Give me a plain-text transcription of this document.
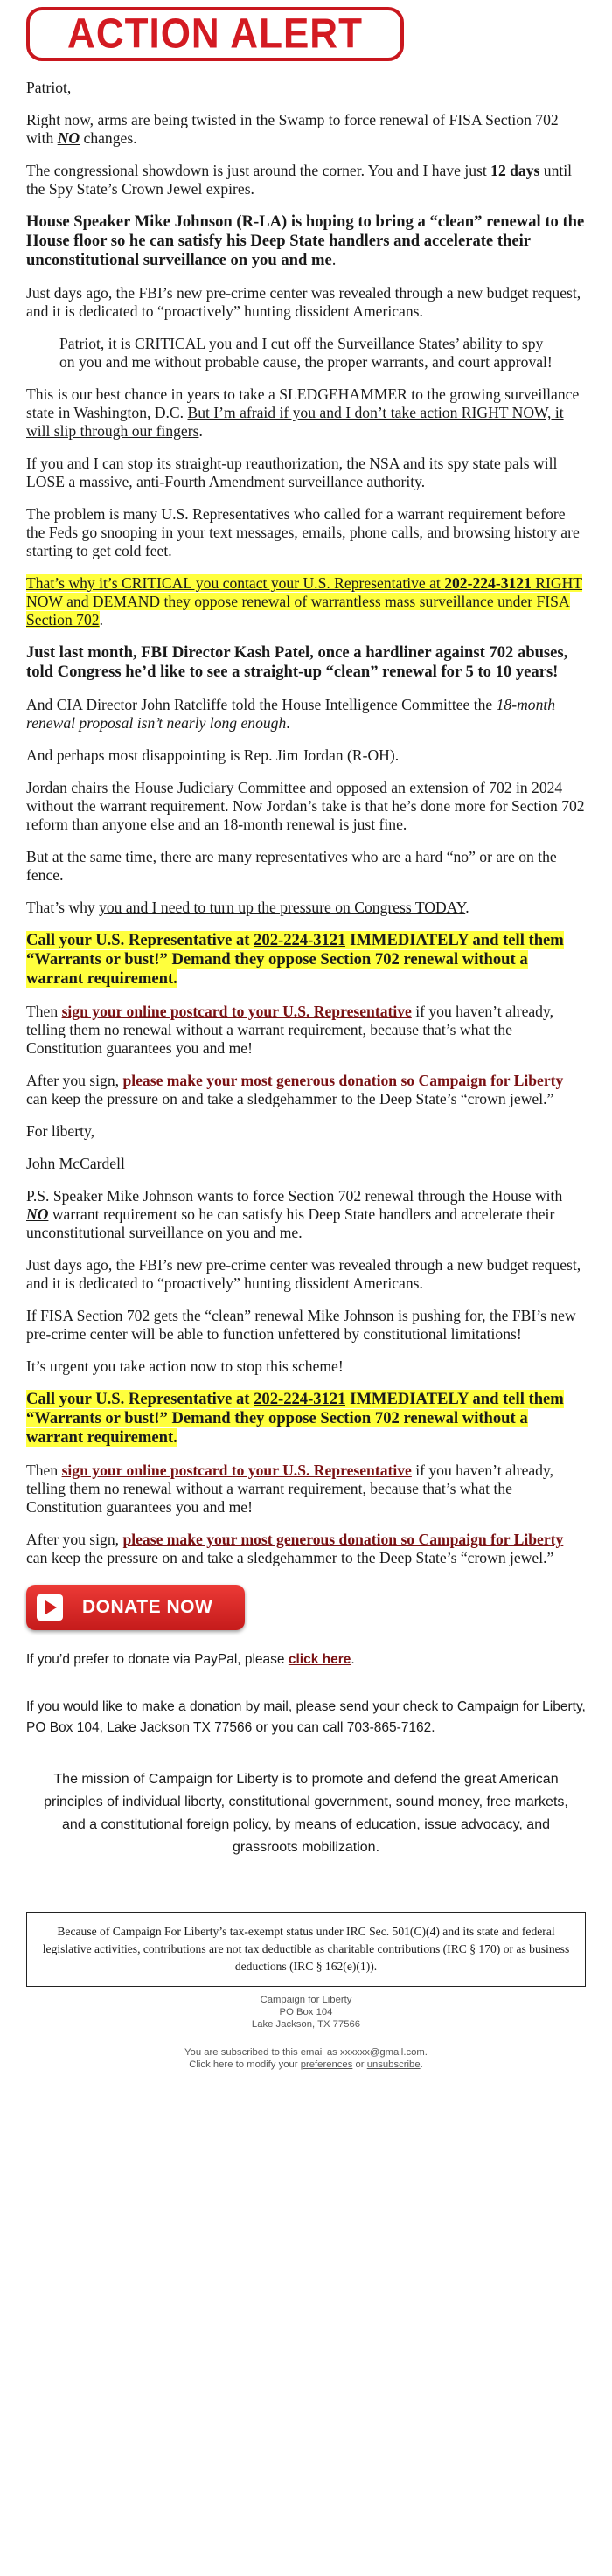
ACTION ALERT

Patriot,

Right now, arms are being twisted in the Swamp to force renewal of FISA Section 702 with NO changes.

The congressional showdown is just around the corner. You and I have just 12 days until the Spy State’s Crown Jewel expires.

House Speaker Mike Johnson (R-LA) is hoping to bring a “clean” renewal to the House floor so he can satisfy his Deep State handlers and accelerate their unconstitutional surveillance on you and me.

Just days ago, the FBI’s new pre-crime center was revealed through a new budget request, and it is dedicated to “proactively” hunting dissident Americans.

Patriot, it is CRITICAL you and I cut off the Surveillance States’ ability to spy on you and me without probable cause, the proper warrants, and court approval!

This is our best chance in years to take a SLEDGEHAMMER to the growing surveillance state in Washington, D.C. But I’m afraid if you and I don’t take action RIGHT NOW, it will slip through our fingers.

If you and I can stop its straight-up reauthorization, the NSA and its spy state pals will LOSE a massive, anti-Fourth Amendment surveillance authority.

The problem is many U.S. Representatives who called for a warrant requirement before the Feds go snooping in your text messages, emails, phone calls, and browsing history are starting to get cold feet.

That’s why it’s CRITICAL you contact your U.S. Representative at 202-224-3121 RIGHT NOW and DEMAND they oppose renewal of warrantless mass surveillance under FISA Section 702.

Just last month, FBI Director Kash Patel, once a hardliner against 702 abuses, told Congress he’d like to see a straight-up “clean” renewal for 5 to 10 years!

And CIA Director John Ratcliffe told the House Intelligence Committee the 18-month renewal proposal isn’t nearly long enough.

And perhaps most disappointing is Rep. Jim Jordan (R-OH).

Jordan chairs the House Judiciary Committee and opposed an extension of 702 in 2024 without the warrant requirement. Now Jordan’s take is that he’s done more for Section 702 reform than anyone else and an 18-month renewal is just fine.

But at the same time, there are many representatives who are a hard “no” or are on the fence.

That’s why you and I need to turn up the pressure on Congress TODAY.

Call your U.S. Representative at 202-224-3121 IMMEDIATELY and tell them “Warrants or bust!” Demand they oppose Section 702 renewal without a warrant requirement.

Then sign your online postcard to your U.S. Representative if you haven’t already, telling them no renewal without a warrant requirement, because that’s what the Constitution guarantees you and me!

After you sign, please make your most generous donation so Campaign for Liberty can keep the pressure on and take a sledgehammer to the Deep State’s “crown jewel.”

For liberty,

John McCardell

P.S. Speaker Mike Johnson wants to force Section 702 renewal through the House with NO warrant requirement so he can satisfy his Deep State handlers and accelerate their unconstitutional surveillance on you and me.

Just days ago, the FBI’s new pre-crime center was revealed through a new budget request, and it is dedicated to “proactively” hunting dissident Americans.

If FISA Section 702 gets the “clean” renewal Mike Johnson is pushing for, the FBI’s new pre-crime center will be able to function unfettered by constitutional limitations!

It’s urgent you take action now to stop this scheme!

Call your U.S. Representative at 202-224-3121 IMMEDIATELY and tell them “Warrants or bust!” Demand they oppose Section 702 renewal without a warrant requirement.

Then sign your online postcard to your U.S. Representative if you haven’t already, telling them no renewal without a warrant requirement, because that’s what the Constitution guarantees you and me!

After you sign, please make your most generous donation so Campaign for Liberty can keep the pressure on and take a sledgehammer to the Deep State’s “crown jewel.”

DONATE NOW

If you’d prefer to donate via PayPal, please click here.

If you would like to make a donation by mail, please send your check to Campaign for Liberty, PO Box 104, Lake Jackson TX 77566 or you can call 703-865-7162.

The mission of Campaign for Liberty is to promote and defend the great American principles of individual liberty, constitutional government, sound money, free markets, and a constitutional foreign policy, by means of education, issue advocacy, and grassroots mobilization.
Because of Campaign For Liberty’s tax-exempt status under IRC Sec. 501(C)(4) and its state and federal legislative activities, contributions are not tax deductible as charitable contributions (IRC § 170) or as business deductions (IRC § 162(e)(1)).
Campaign for Liberty
PO Box 104
Lake Jackson, TX 77566
You are subscribed to this email as xxxxxx@gmail.com.
Click here to modify your preferences or unsubscribe.
